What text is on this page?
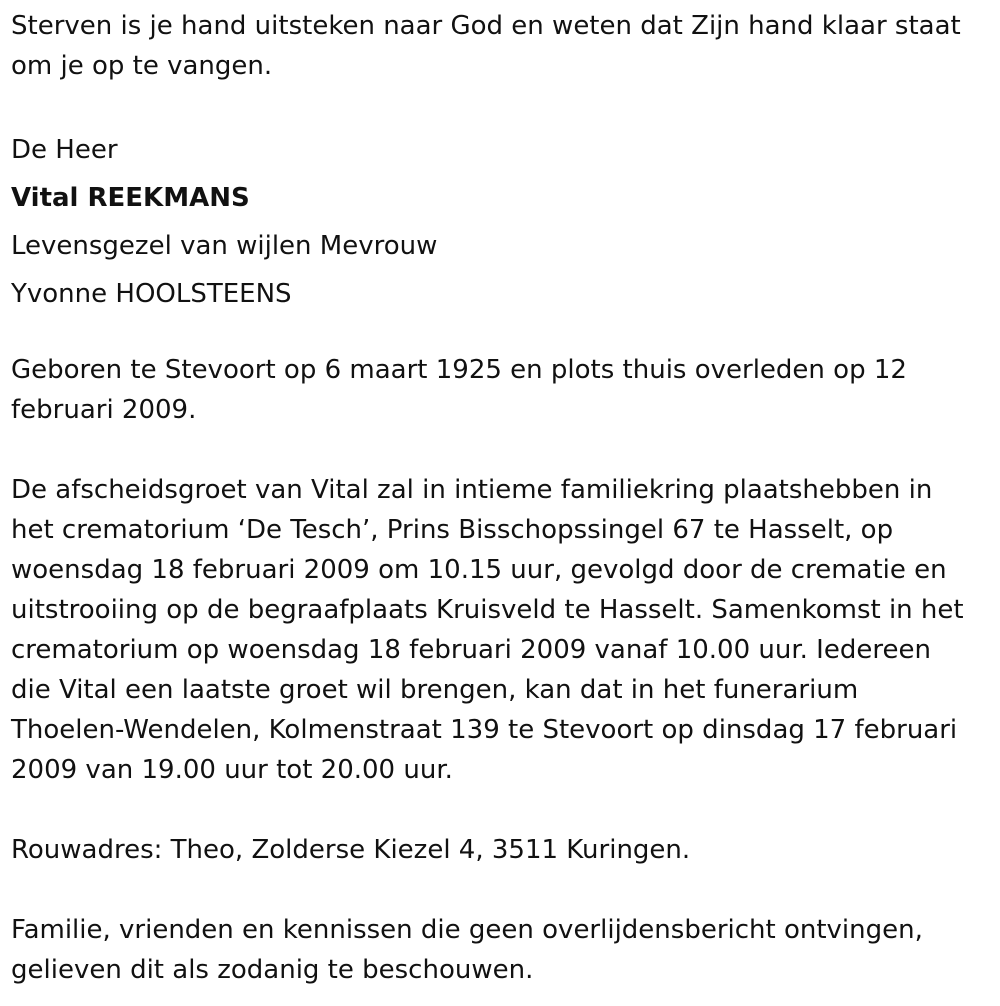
Sterven is je hand uitsteken naar God en weten dat Zijn hand klaar staat
om je op te vangen.
De Heer
Vital REEKMANS
Levensgezel van wijlen Mevrouw
Yvonne HOOLSTEENS
Geboren te Stevoort op 6 maart 1925 en plots thuis overleden op 12
februari 2009.
De afscheidsgroet van Vital zal in intieme familiekring plaatshebben in
het crematorium ‘De Tesch’, Prins Bisschopssingel 67 te Hasselt, op
woensdag 18 februari 2009 om 10.15 uur, gevolgd door de crematie en
uitstrooiing op de begraafplaats Kruisveld te Hasselt. Samenkomst in het
crematorium op woensdag 18 februari 2009 vanaf 10.00 uur. Iedereen
die Vital een laatste groet wil brengen, kan dat in het funerarium
Thoelen-Wendelen, Kolmenstraat 139 te Stevoort op dinsdag 17 februari
2009 van 19.00 uur tot 20.00 uur.
Rouwadres: Theo, Zolderse Kiezel 4, 3511 Kuringen.
Familie, vrienden en kennissen die geen overlijdensbericht ontvingen,
gelieven dit als zodanig te beschouwen.
